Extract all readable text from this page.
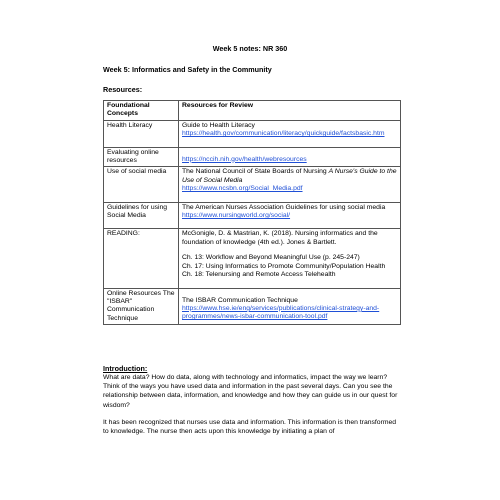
Week 5 notes: NR 360
Week 5: Informatics and Safety in the Community
Resources:
Foundational Concepts	Resources for Review
Health Literacy	Guide to Health Literacy
https://health.gov/communication/literacy/quickguide/factsbasic.htm

Evaluating online resources	https://nccih.nih.gov/health/webresources

Use of social media	The National Council of State Boards of Nursing A Nurse's Guide to the Use of Social Media
https://www.ncsbn.org/Social_Media.pdf

Guidelines for using Social Media	The American Nurses Association Guidelines for using social media
https://www.nursingworld.org/social/

READING:	McGonigle, D. & Mastrian, K. (2018). Nursing informatics and the foundation of knowledge (4th ed.). Jones & Bartlett.
Ch. 13: Workflow and Beyond Meaningful Use (p. 245-247)
Ch. 17: Using Informatics to Promote Community/Population Health
Ch. 18: Telenursing and Remote Access Telehealth

Online Resources The "ISBAR" Communication Technique	The ISBAR Communication Technique
https://www.hse.ie/eng/services/publications/clinical-strategy-and-programmes/news-isbar-communication-tool.pdf
Introduction:
What are data? How do data, along with technology and informatics, impact the way we learn? Think of the ways you have used data and information in the past several days. Can you see the relationship between data, information, and knowledge and how they can guide us in our quest for wisdom?
It has been recognized that nurses use data and information. This information is then transformed to knowledge. The nurse then acts upon this knowledge by initiating a plan of
